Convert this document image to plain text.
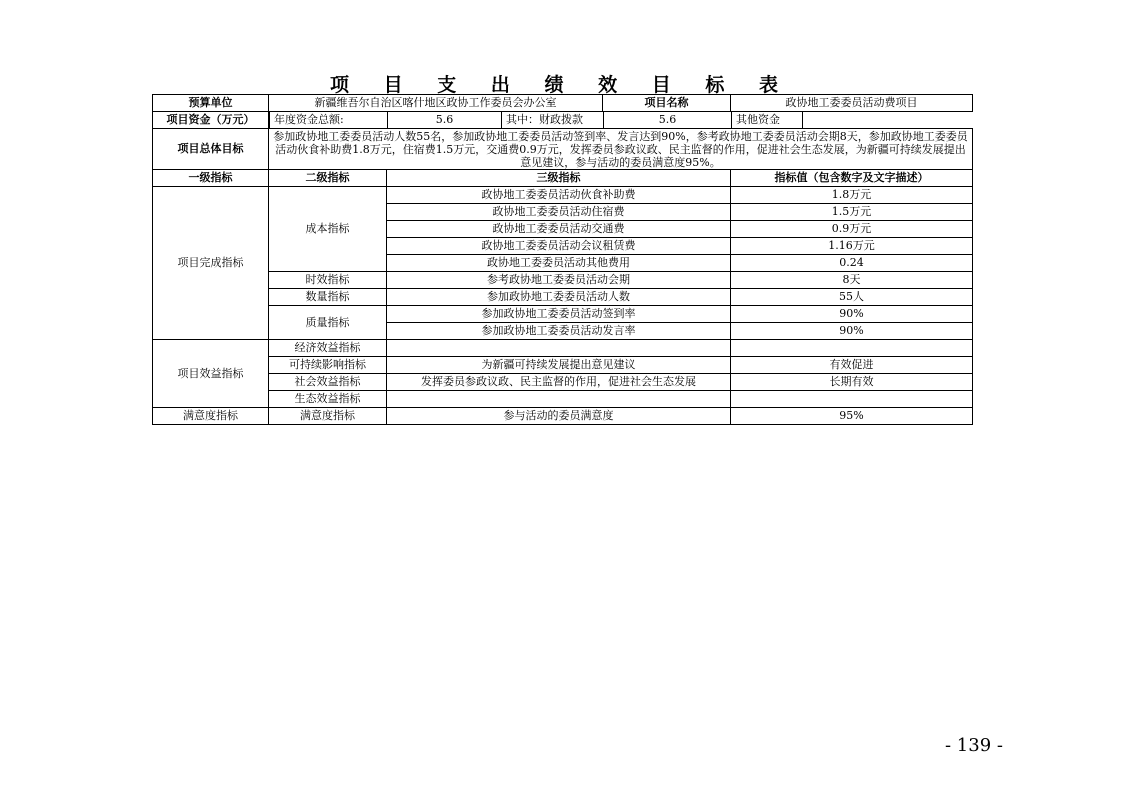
项 目 支 出 绩 效 目 标 表
预算单位	新疆维吾尔自治区喀什地区政协工作委员会办公室	项目名称	政协地工委委员活动费项目
项目资金（万元）	年度资金总额:	5.6	其中：财政拨款	5.6	其他资金	

项目总体目标	参加政协地工委委员活动人数55名，参加政协地工委委员活动签到率、发言达到90%，参考政协地工委委员活动会期8天，参加政协地工委委员活动伙食补助费1.8万元，住宿费1.5万元，交通费0.9万元，发挥委员参政议政、民主监督的作用，促进社会生态发展，为新疆可持续发展提出意见建议，参与活动的委员满意度95%。
一级指标	二级指标	三级指标	指标值（包含数字及文字描述）
项目完成指标	成本指标	政协地工委委员活动伙食补助费	1.8万元
政协地工委委员活动住宿费	1.5万元
政协地工委委员活动交通费	0.9万元
政协地工委委员活动会议租赁费	1.16万元
政协地工委委员活动其他费用	0.24
时效指标	参考政协地工委委员活动会期	8天
数量指标	参加政协地工委委员活动人数	55人
质量指标	参加政协地工委委员活动签到率	90%
参加政协地工委委员活动发言率	90%
项目效益指标	经济效益指标		
可持续影响指标	为新疆可持续发展提出意见建议	有效促进
社会效益指标	发挥委员参政议政、民主监督的作用，促进社会生态发展	长期有效
生态效益指标		
满意度指标	满意度指标	参与活动的委员满意度	95%
- 139 -
